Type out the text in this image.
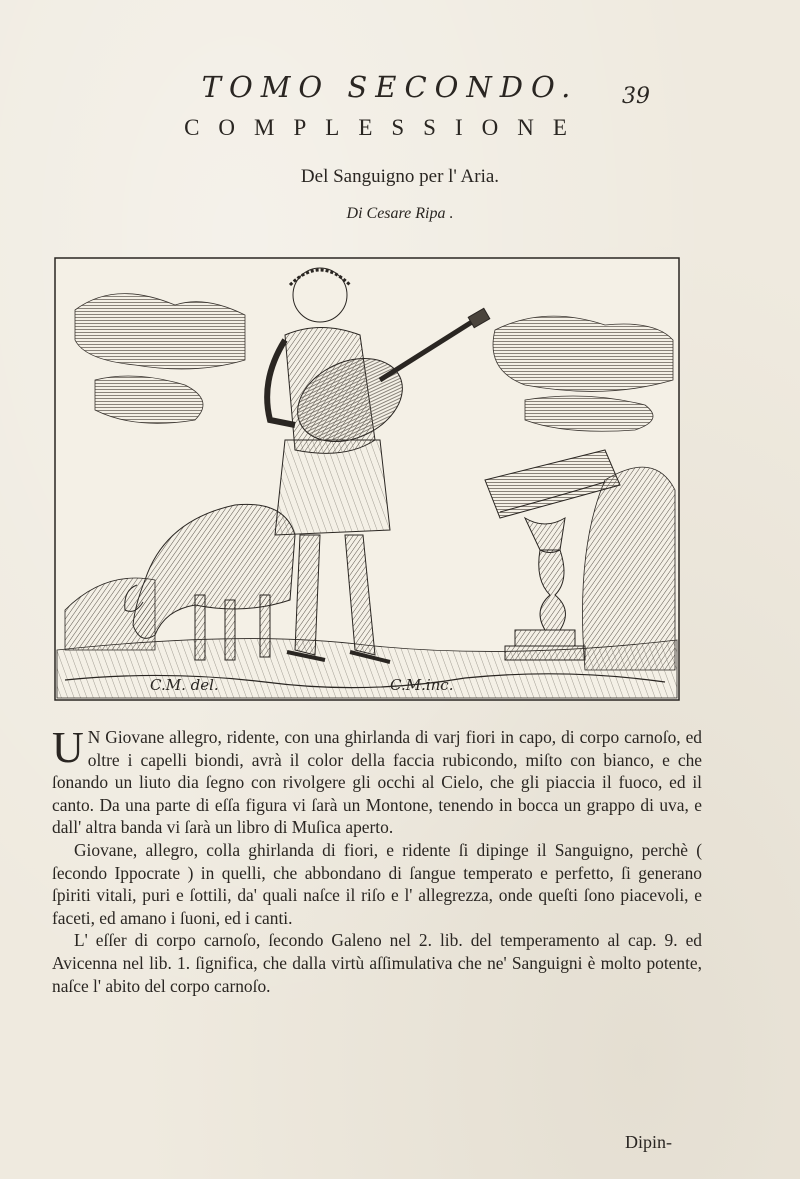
TOMO SECONDO. 39
COMPLESSIONE
Del Sanguigno per l' Aria.
Di Cesare Ripa .
C.M. del.	C.M.inc.

U N Giovane allegro, ridente, con una ghirlanda di varj fiori in capo, di corpo carnoſo, ed oltre i capelli biondi, avrà il color della faccia rubicondo, miſto con bianco, e che ſonando un liuto dia ſegno con rivolgere gli occhi al Cielo, che gli piaccia il fuoco, ed il canto. Da una parte di eſſa figura vi ſarà un Montone, tenendo in bocca un grappo di uva, e dall' altra banda vi ſarà un libro di Muſica aperto.

Giovane, allegro, colla ghirlanda di fiori, e ridente ſi dipinge il Sanguigno, perchè ( ſecondo Ippocrate ) in quelli, che abbondano di ſangue temperato e perfetto, ſi generano ſpiriti vitali, puri e ſottili, da' quali naſce il riſo e l' allegrezza, onde queſti ſono piacevoli, e faceti, ed amano i ſuoni, ed i canti.

L' eſſer di corpo carnoſo, ſecondo Galeno nel 2. lib. del temperamento al cap. 9. ed Avicenna nel lib. 1. ſignifica, che dalla virtù aſſimulativa che ne' Sanguigni è molto potente, naſce l' abito del corpo carnoſo.

Dipin-
